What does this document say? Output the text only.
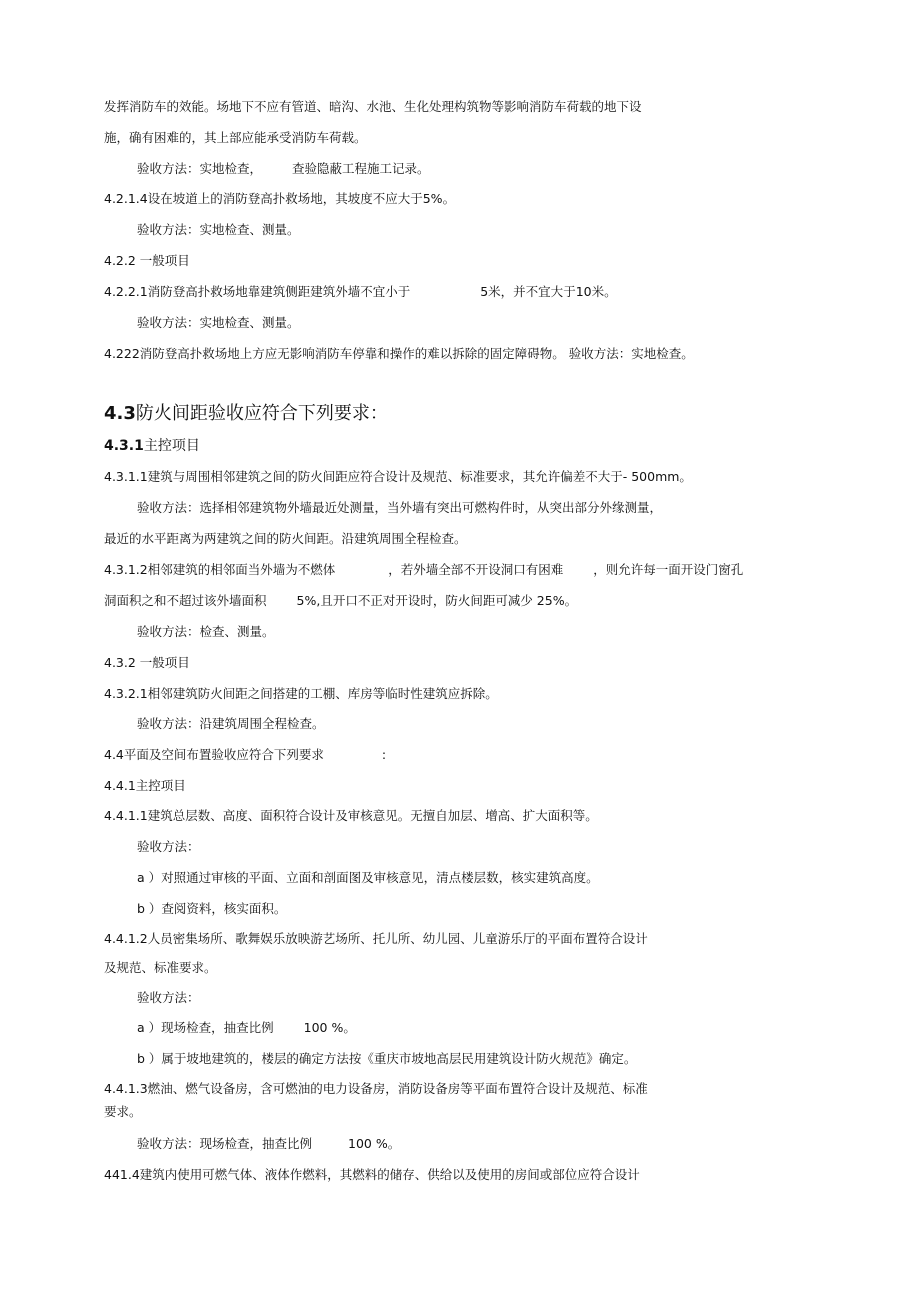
发挥消防车的效能。场地下不应有管道、暗沟、水池、生化处理构筑物等影响消防车荷载的地下设
施，确有困难的，其上部应能承受消防车荷载。
验收方法：实地检查， 查验隐蔽工程施工记录。
4.2.1.4设在坡道上的消防登高扑救场地，其坡度不应大于5%。
验收方法：实地检查、测量。
4.2.2 一般项目
4.2.2.1消防登高扑救场地靠建筑侧距建筑外墙不宜小于	5米，并不宜大于10米。
验收方法：实地检查、测量。
4.222消防登高扑救场地上方应无影响消防车停靠和操作的难以拆除的固定障碍物。 验收方法：实地检查。
4.3防火间距验收应符合下列要求：
4.3.1主控项目
4.3.1.1建筑与周围相邻建筑之间的防火间距应符合设计及规范、标准要求，其允许偏差不大于- 500mm。
验收方法：选择相邻建筑物外墙最近处测量，当外墙有突出可燃构件时，从突出部分外缘测量，
最近的水平距离为两建筑之间的防火间距。沿建筑周围全程检查。
4.3.1.2相邻建筑的相邻面当外墙为不燃体	，若外墙全部不开设洞口有困难 ，则允许每一面开设门窗孔
洞面积之和不超过该外墙面积 5%,且开口不正对开设时，防火间距可减少 25%。
验收方法：检查、测量。
4.3.2 一般项目
4.3.2.1相邻建筑防火间距之间搭建的工棚、库房等临时性建筑应拆除。
验收方法：沿建筑周围全程检查。
4.4平面及空间布置验收应符合下列要求	:
4.4.1主控项目
4.4.1.1建筑总层数、高度、面积符合设计及审核意见。无擅自加层、增高、扩大面积等。
验收方法：
a ）对照通过审核的平面、立面和剖面图及审核意见，清点楼层数，核实建筑高度。
b ）查阅资料，核实面积。
4.4.1.2人员密集场所、歌舞娱乐放映游艺场所、托儿所、幼儿园、儿童游乐厅的平面布置符合设计
及规范、标准要求。
验收方法：
a ）现场检查，抽查比例 100 %。
b ）属于坡地建筑的，楼层的确定方法按《重庆市坡地高层民用建筑设计防火规范》确定。
4.4.1.3燃油、燃气设备房，含可燃油的电力设备房，消防设备房等平面布置符合设计及规范、标准
要求。
验收方法：现场检查，抽查比例	100 %。
441.4建筑内使用可燃气体、液体作燃料，其燃料的储存、供给以及使用的房间或部位应符合设计
